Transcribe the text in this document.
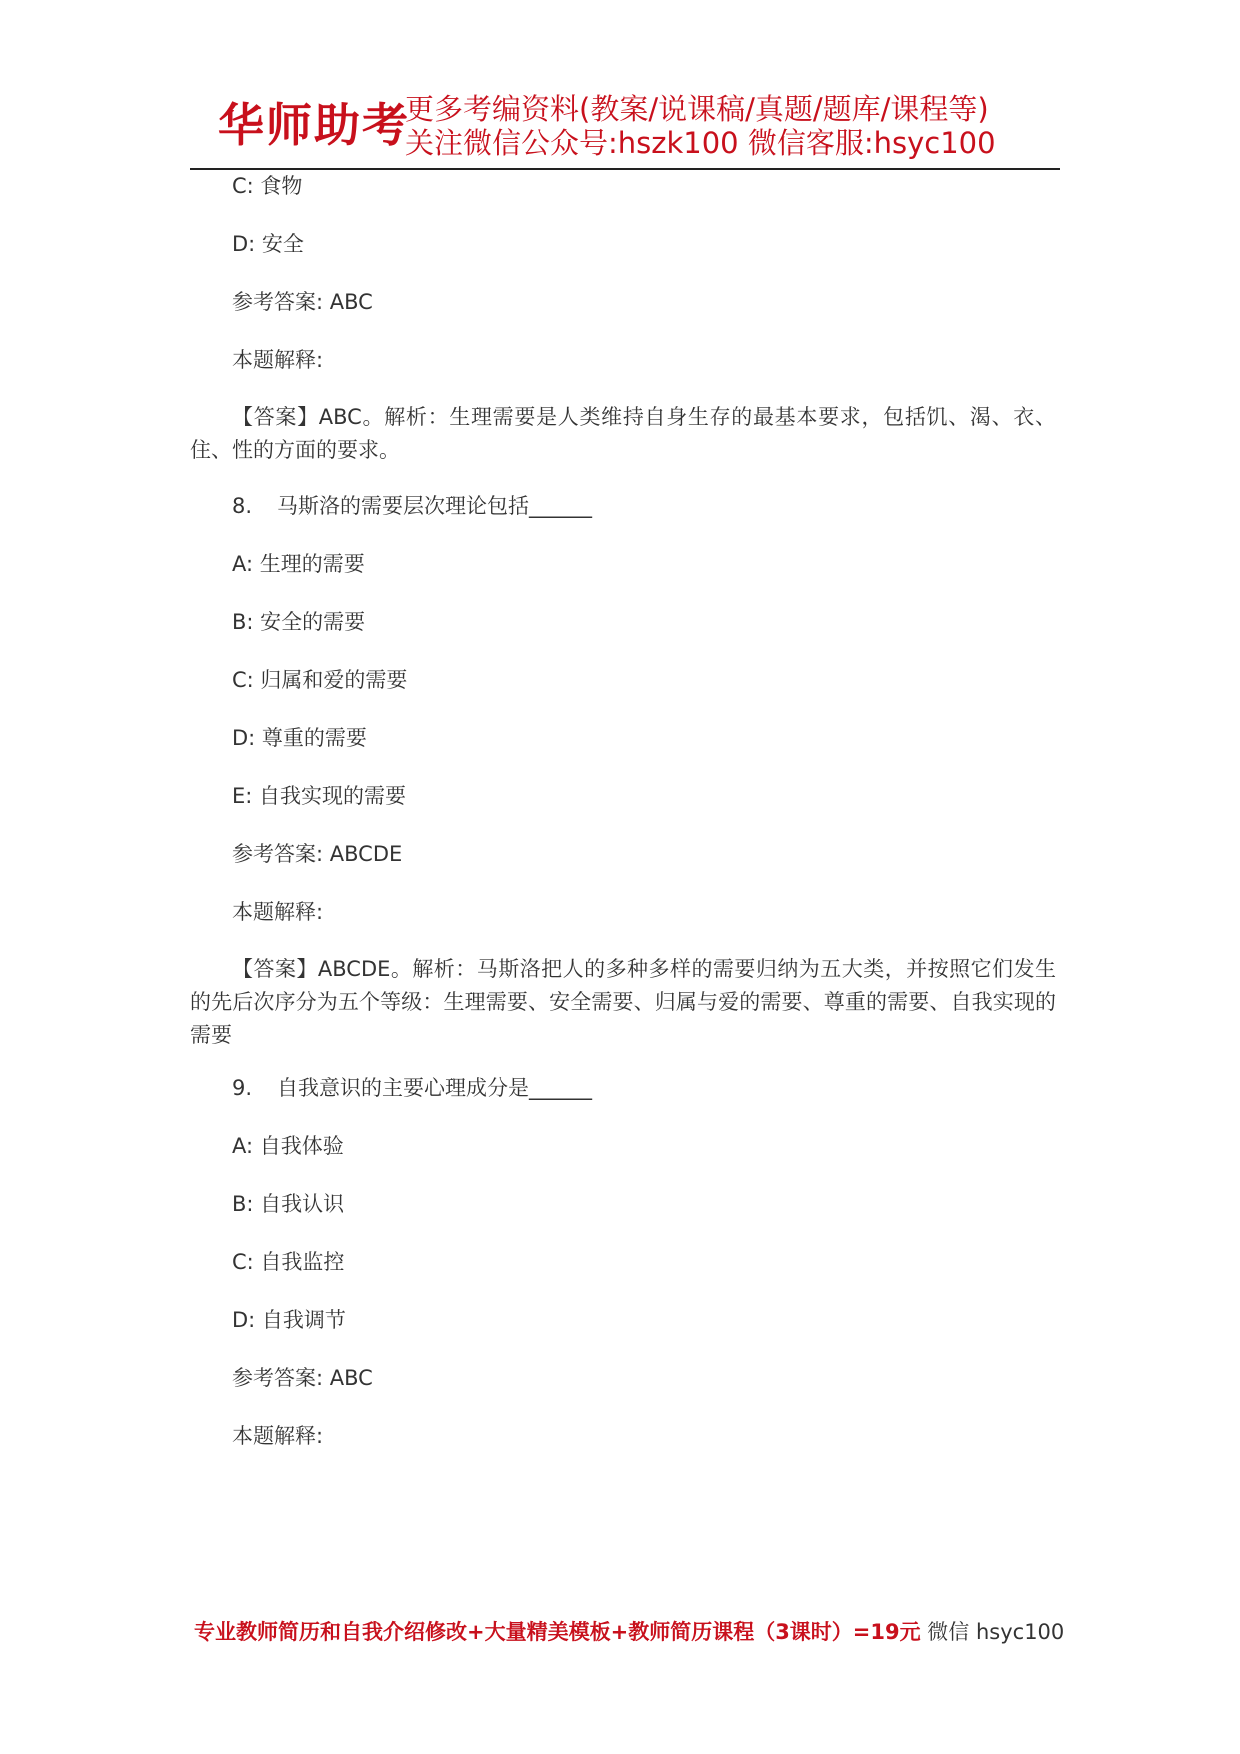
华师助考
更多考编资料(教案/说课稿/真题/题库/课程等)
关注微信公众号:hszk100 微信客服:hsyc100
C: 食物
D: 安全
参考答案: ABC
本题解释:
【答案】ABC。解析：生理需要是人类维持自身生存的最基本要求，包括饥、渴、衣、住、性的方面的要求。
8. 马斯洛的需要层次理论包括______
A: 生理的需要
B: 安全的需要
C: 归属和爱的需要
D: 尊重的需要
E: 自我实现的需要
参考答案: ABCDE
本题解释:
【答案】ABCDE。解析：马斯洛把人的多种多样的需要归纳为五大类，并按照它们发生的先后次序分为五个等级：生理需要、安全需要、归属与爱的需要、尊重的需要、自我实现的需要
9. 自我意识的主要心理成分是______
A: 自我体验
B: 自我认识
C: 自我监控
D: 自我调节
参考答案: ABC
本题解释:
专业教师简历和自我介绍修改+大量精美模板+教师简历课程（3课时）=19元 微信 hsyc100
